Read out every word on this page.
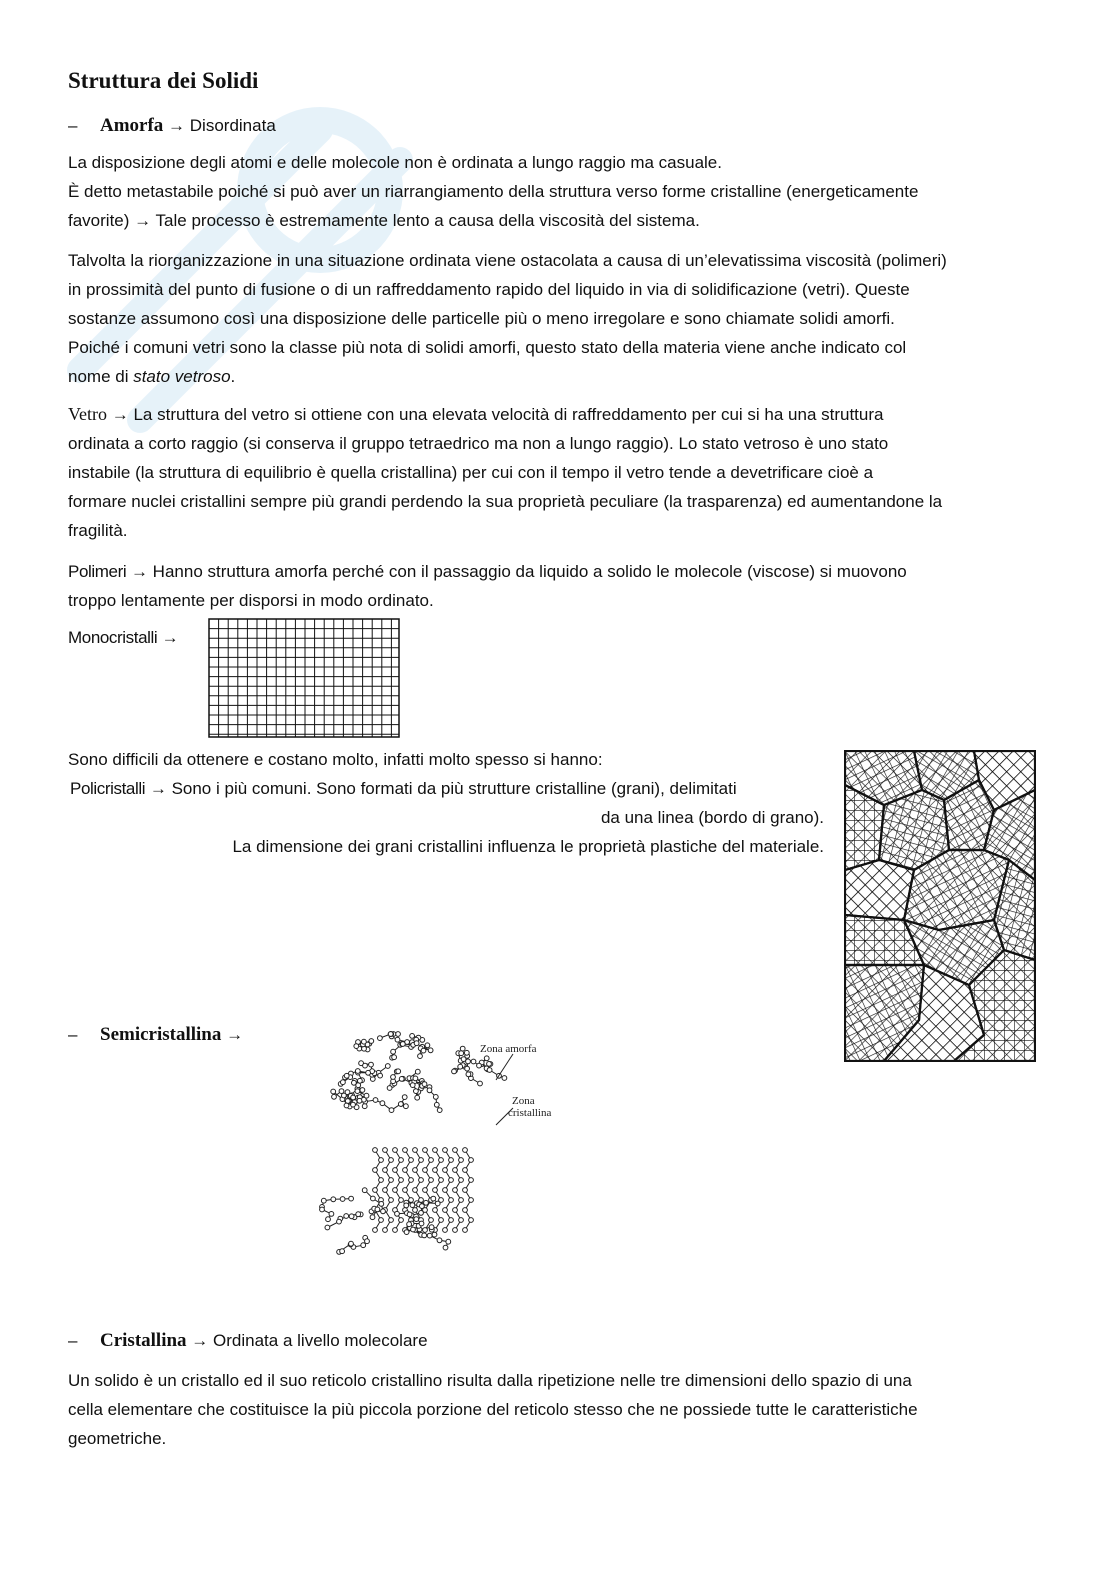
Struttura dei Solidi
– Amorfa → Disordinata
La disposizione degli atomi e delle molecole non è ordinata a lungo raggio ma casuale.
È detto metastabile poiché si può aver un riarrangiamento della struttura verso forme cristalline (energeticamente
favorite) → Tale processo è estremamente lento a causa della viscosità del sistema.
Talvolta la riorganizzazione in una situazione ordinata viene ostacolata a causa di un’elevatissima viscosità (polimeri)
in prossimità del punto di fusione o di un raffreddamento rapido del liquido in via di solidificazione (vetri). Queste
sostanze assumono così una disposizione delle particelle più o meno irregolare e sono chiamate solidi amorfi.
Poiché i comuni vetri sono la classe più nota di solidi amorfi, questo stato della materia viene anche indicato col
nome di stato vetroso.
Vetro → La struttura del vetro si ottiene con una elevata velocità di raffreddamento per cui si ha una struttura
ordinata a corto raggio (si conserva il gruppo tetraedrico ma non a lungo raggio). Lo stato vetroso è uno stato
instabile (la struttura di equilibrio è quella cristallina) per cui con il tempo il vetro tende a devetrificare cioè a
formare nuclei cristallini sempre più grandi perdendo la sua proprietà peculiare (la trasparenza) ed aumentandone la
fragilità.
Polimeri → Hanno struttura amorfa perché con il passaggio da liquido a solido le molecole (viscose) si muovono
troppo lentamente per disporsi in modo ordinato.
Monocristalli →
Sono difficili da ottenere e costano molto, infatti molto spesso si hanno:
Policristalli → Sono i più comuni. Sono formati da più strutture cristalline (grani), delimitati
da una linea (bordo di grano).
La dimensione dei grani cristallini influenza le proprietà plastiche del materiale.
– Semicristallina →
Zona amorfa
Zona
cristallina
– Cristallina → Ordinata a livello molecolare
Un solido è un cristallo ed il suo reticolo cristallino risulta dalla ripetizione nelle tre dimensioni dello spazio di una
cella elementare che costituisce la più piccola porzione del reticolo stesso che ne possiede tutte le caratteristiche
geometriche.
